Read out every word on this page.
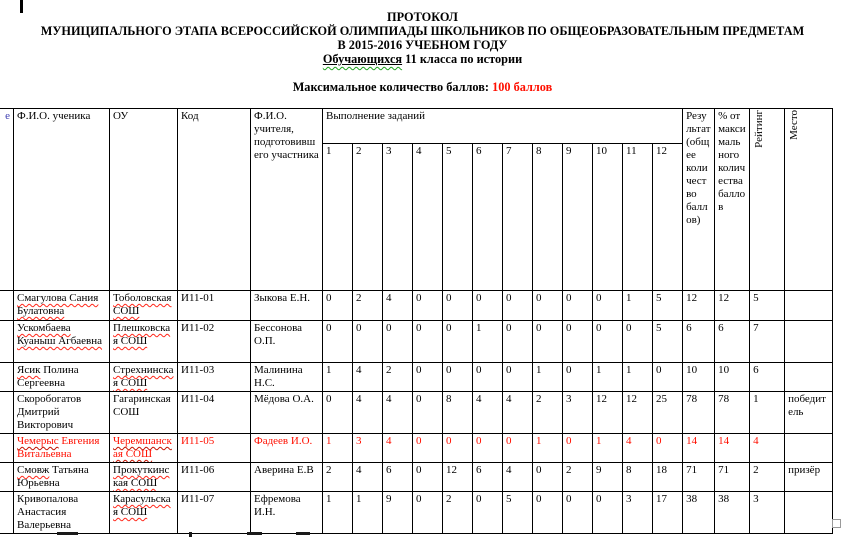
ПРОТОКОЛ
МУНИЦИПАЛЬНОГО ЭТАПА ВСЕРОССИЙСКОЙ ОЛИМПИАДЫ ШКОЛЬНИКОВ ПО ОБЩЕОБРАЗОВАТЕЛЬНЫМ ПРЕДМЕТАМ
В 2015-2016 УЧЕБНОМ ГОДУ
Обучающихся 11 класса по истории
Максимальное количество баллов: 100 баллов
е	Ф.И.О. ученика	ОУ	Код	Ф.И.О. учителя, подготовившего участника	Выполнение заданий												Результат (общее количество баллов)	% от максимального количества баллов	Рейтинг	Место
					1	2	3	4	5	6	7	8	9	10	11	12				
	Смагулова Сания Булатовна	Тоболовская СОШ	И11-01	Зыкова Е.Н.	0	2	4	0	0	0	0	0	0	0	1	5	12	12	5	
	Ускомбаева Куаныш Агбаевна	Плешковская СОШ	И11-02	Бессонова О.П.	0	0	0	0	0	1	0	0	0	0	0	5	6	6	7	
	Ясик Полина Сергеевна	Стрехнинская СОШ	И11-03	Малинина Н.С.	1	4	2	0	0	0	0	1	0	1	1	0	10	10	6	
	Скоробогатов Дмитрий Викторович	Гагаринская СОШ	И11-04	Мёдова О.А.	0	4	4	0	8	4	4	2	3	12	12	25	78	78	1	победитель
	Чемерыс Евгения Витальевна	Черемшанская СОШ	И11-05	Фадеев И.О.	1	3	4	0	0	0	0	1	0	1	4	0	14	14	4	
	Смовж Татьяна Юрьевна	Прокуткинская СОШ	И11-06	Аверина Е.В	2	4	6	0	12	6	4	0	2	9	8	18	71	71	2	призёр
	Кривопалова Анастасия Валерьевна	Карасульская СОШ	И11-07	Ефремова И.Н.	1	1	9	0	2	0	5	0	0	0	3	17	38	38	3	
